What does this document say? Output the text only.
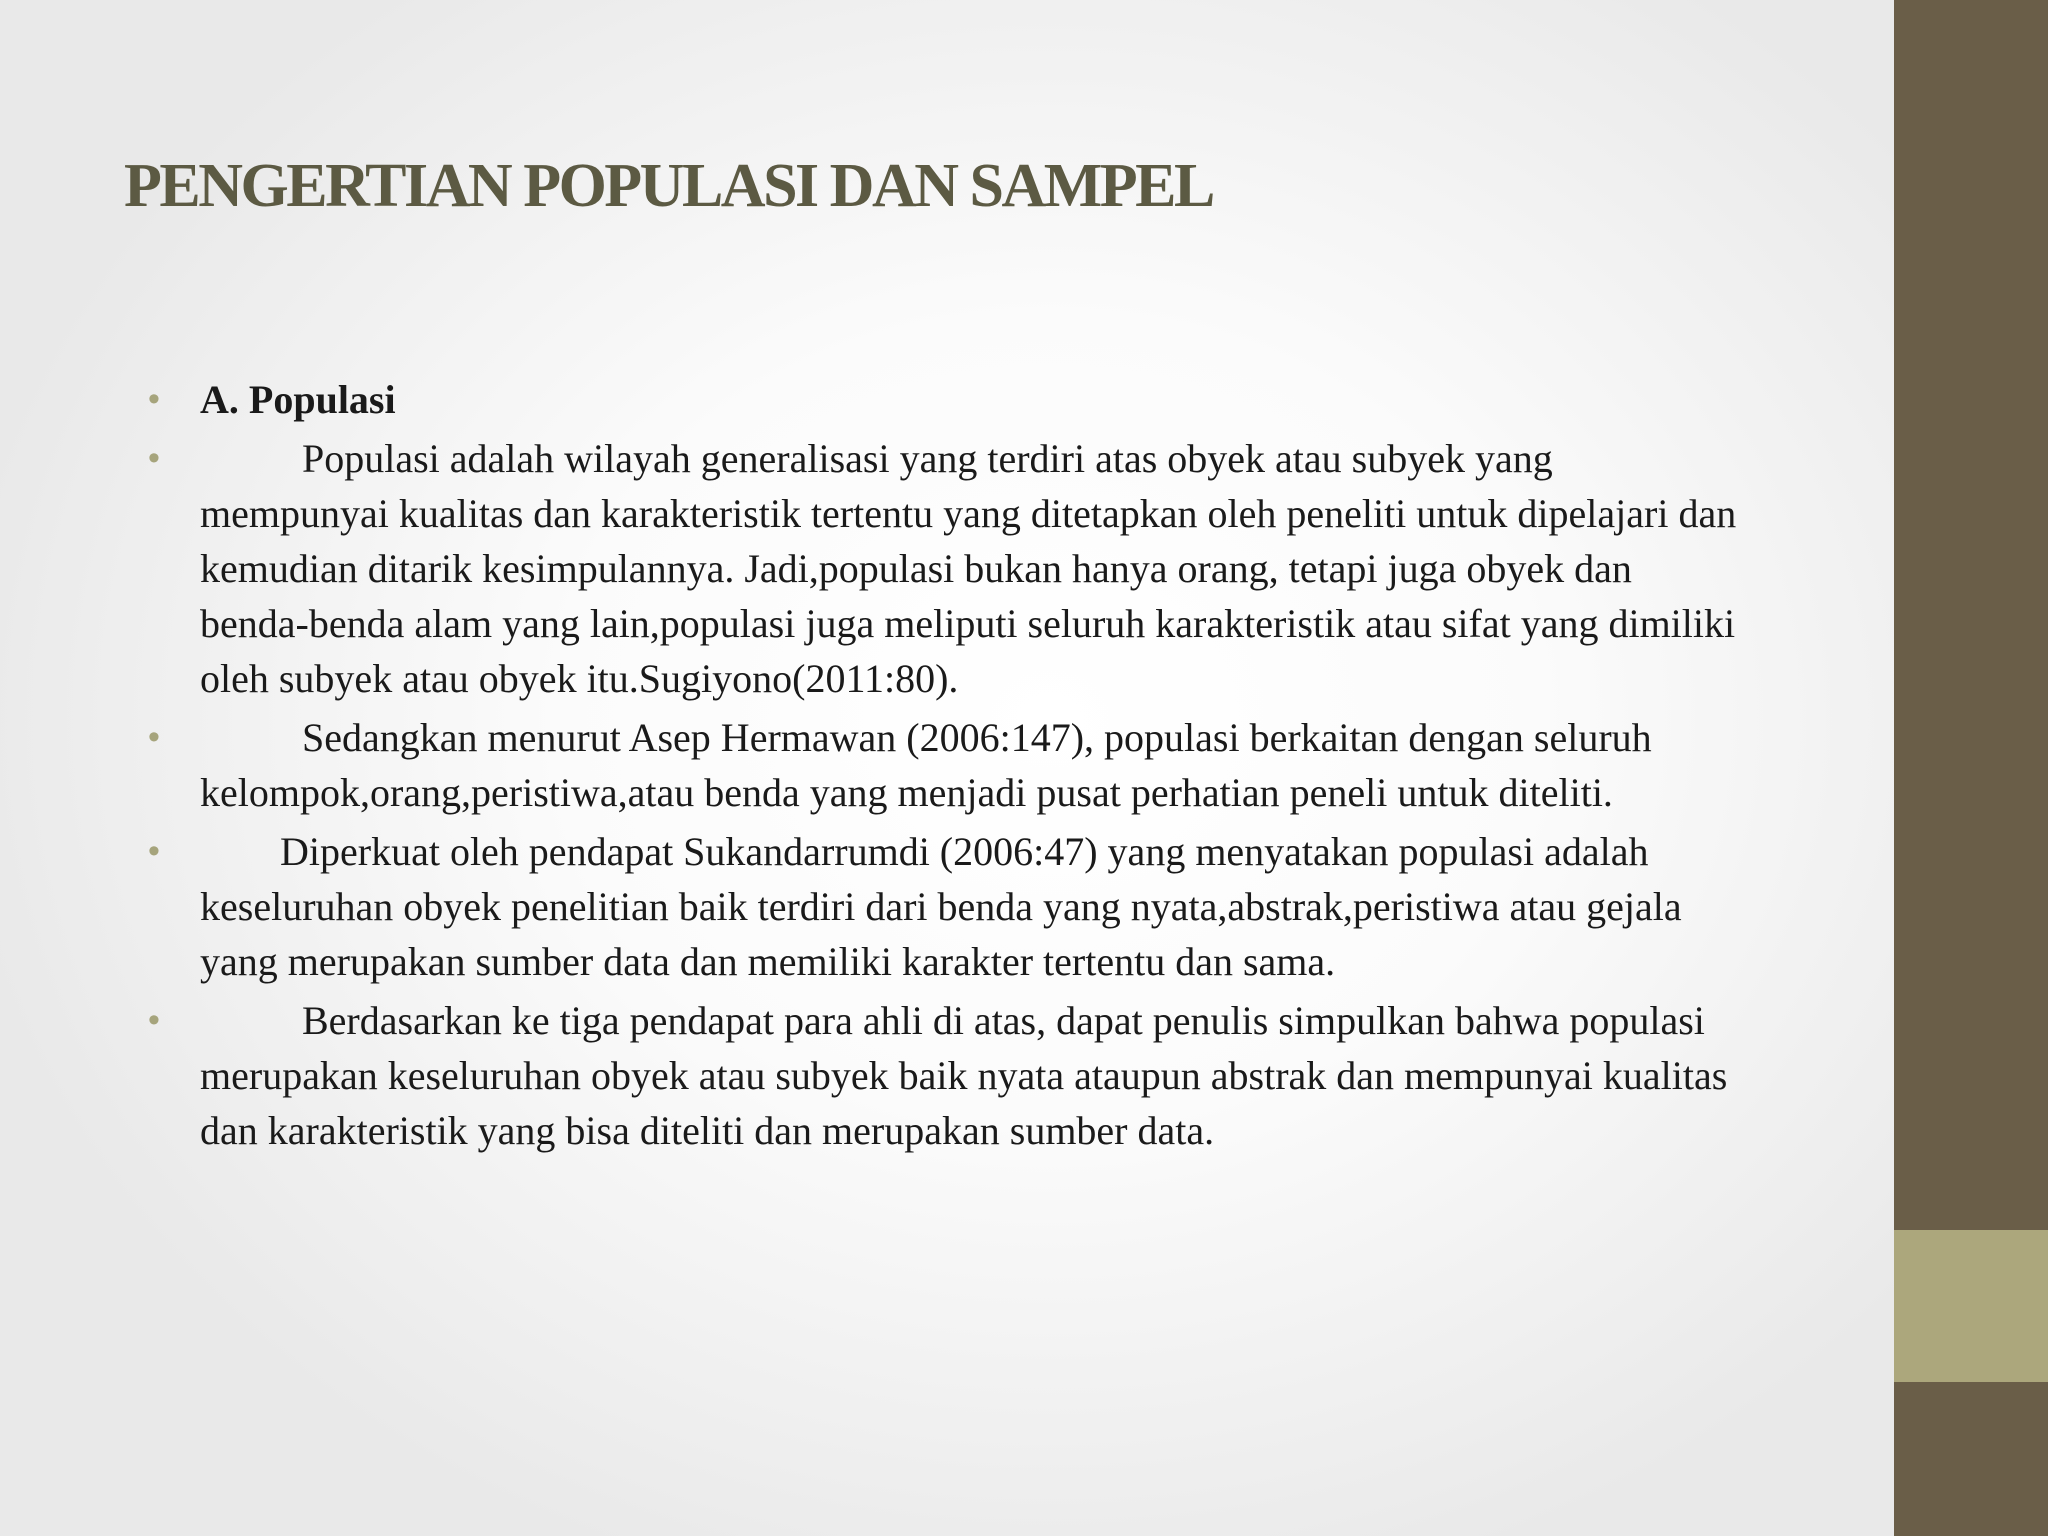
PENGERTIAN POPULASI DAN SAMPEL
• A. Populasi
•	Populasi adalah wilayah generalisasi yang terdiri atas obyek atau subyek yang mempunyai kualitas dan karakteristik tertentu yang ditetapkan oleh peneliti untuk dipelajari dan kemudian ditarik kesimpulannya. Jadi,populasi bukan hanya orang, tetapi juga obyek dan benda-benda alam yang lain,populasi juga meliputi seluruh karakteristik atau sifat yang dimiliki oleh subyek atau obyek itu.Sugiyono(2011:80).
•	Sedangkan menurut Asep Hermawan (2006:147), populasi berkaitan dengan seluruh kelompok,orang,peristiwa,atau benda yang menjadi pusat perhatian peneli untuk diteliti.
•	Diperkuat oleh pendapat Sukandarrumdi (2006:47) yang menyatakan populasi adalah keseluruhan obyek penelitian baik terdiri dari benda yang nyata,abstrak,peristiwa atau gejala yang merupakan sumber data dan memiliki karakter tertentu dan sama.
•	Berdasarkan ke tiga pendapat para ahli di atas, dapat penulis simpulkan bahwa populasi merupakan keseluruhan obyek atau subyek baik nyata ataupun abstrak dan mempunyai kualitas dan karakteristik yang bisa diteliti dan merupakan sumber data.
